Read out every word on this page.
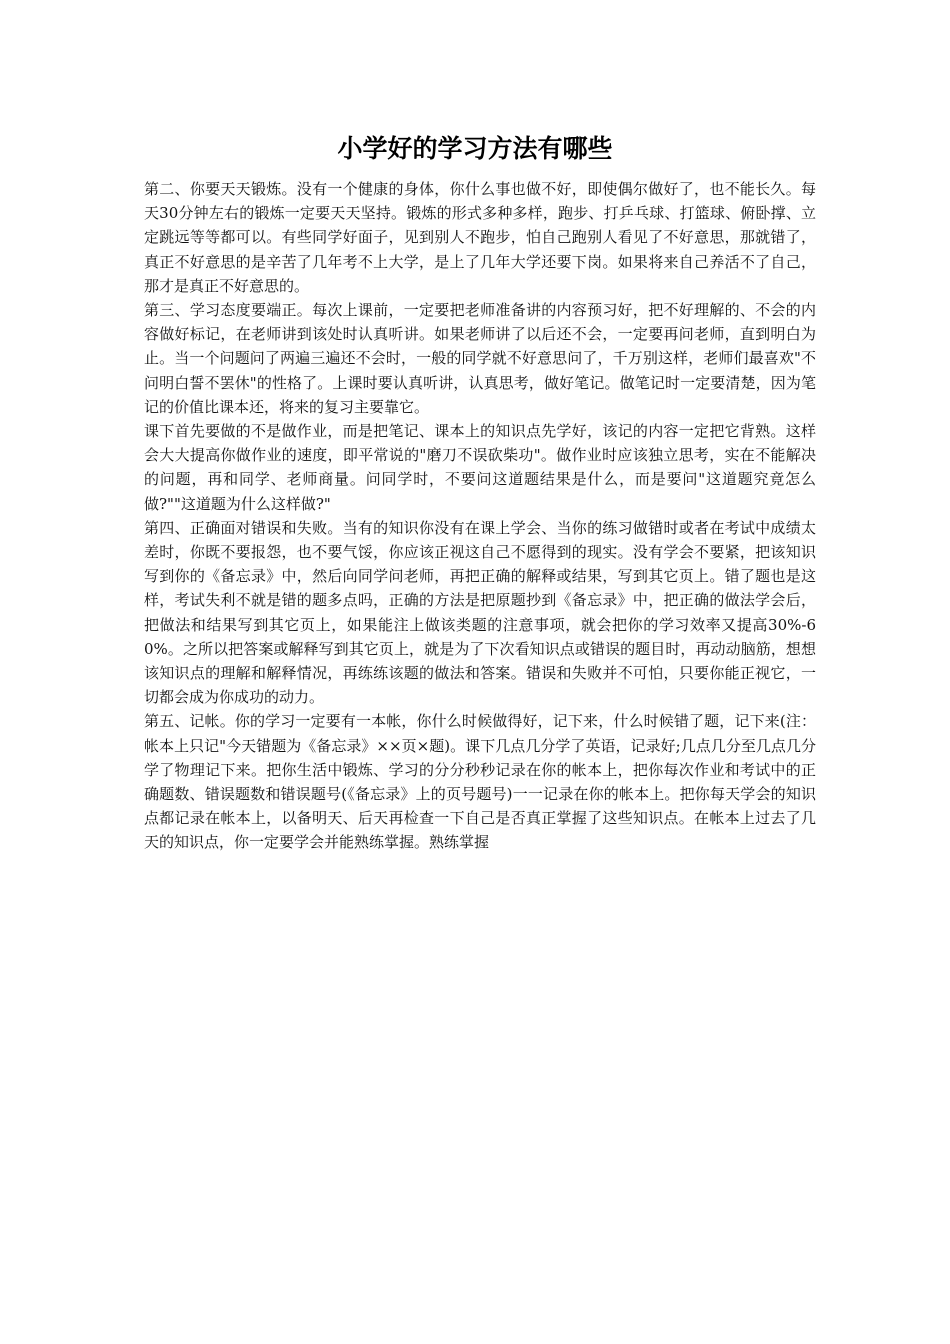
小学好的学习方法有哪些

第二、你要天天锻炼。没有一个健康的身体，你什么事也做不好，即使偶尔做好了，也不能长久。每天30分钟左右的锻炼一定要天天坚持。锻炼的形式多种多样，跑步、打乒乓球、打篮球、俯卧撑、立定跳远等等都可以。有些同学好面子，见到别人不跑步，怕自己跑别人看见了不好意思，那就错了，真正不好意思的是辛苦了几年考不上大学，是上了几年大学还要下岗。如果将来自己养活不了自己，那才是真正不好意思的。

第三、学习态度要端正。每次上课前，一定要把老师准备讲的内容预习好，把不好理解的、不会的内容做好标记，在老师讲到该处时认真听讲。如果老师讲了以后还不会，一定要再问老师，直到明白为止。当一个问题问了两遍三遍还不会时，一般的同学就不好意思问了，千万别这样，老师们最喜欢"不问明白誓不罢休"的性格了。上课时要认真听讲，认真思考，做好笔记。做笔记时一定要清楚，因为笔记的价值比课本还，将来的复习主要靠它。

课下首先要做的不是做作业，而是把笔记、课本上的知识点先学好，该记的内容一定把它背熟。这样会大大提高你做作业的速度，即平常说的"磨刀不误砍柴功"。做作业时应该独立思考，实在不能解决的问题，再和同学、老师商量。问同学时，不要问这道题结果是什么，而是要问"这道题究竟怎么做?""这道题为什么这样做?"

第四、正确面对错误和失败。当有的知识你没有在课上学会、当你的练习做错时或者在考试中成绩太差时，你既不要报怨，也不要气馁，你应该正视这自己不愿得到的现实。没有学会不要紧，把该知识写到你的《备忘录》中，然后向同学问老师，再把正确的解释或结果，写到其它页上。错了题也是这样，考试失利不就是错的题多点吗，正确的方法是把原题抄到《备忘录》中，把正确的做法学会后，把做法和结果写到其它页上，如果能注上做该类题的注意事项，就会把你的学习效率又提高30%-60%。之所以把答案或解释写到其它页上，就是为了下次看知识点或错误的题目时，再动动脑筋，想想该知识点的理解和解释情况，再练练该题的做法和答案。错误和失败并不可怕，只要你能正视它，一切都会成为你成功的动力。

第五、记帐。你的学习一定要有一本帐，你什么时候做得好，记下来，什么时候错了题，记下来(注：帐本上只记"今天错题为《备忘录》××页×题)。课下几点几分学了英语，记录好;几点几分至几点几分学了物理记下来。把你生活中锻炼、学习的分分秒秒记录在你的帐本上，把你每次作业和考试中的正确题数、错误题数和错误题号(《备忘录》上的页号题号)一一记录在你的帐本上。把你每天学会的知识点都记录在帐本上，以备明天、后天再检查一下自己是否真正掌握了这些知识点。在帐本上过去了几天的知识点，你一定要学会并能熟练掌握。熟练掌握
